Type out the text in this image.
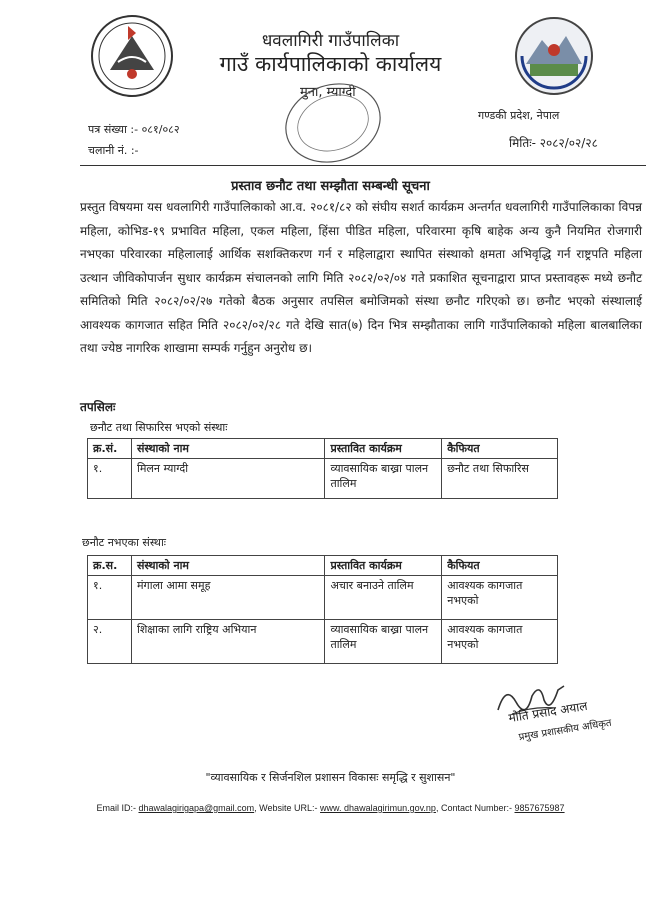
धवलागिरी गाउँपालिका
गाउँ कार्यपालिकाको कार्यालय
मुना, म्याग्दी
गण्डकी प्रदेश, नेपाल
पत्र संख्या :- ०८१/०८२
चलानी नं. :-
मितिः- २०८२/०२/२८
प्रस्ताव छनौट तथा सम्झौता सम्बन्धी सूचना
प्रस्तुत विषयमा यस धवलागिरी गाउँपालिकाको आ.व. २०८१/८२ को संघीय सशर्त कार्यक्रम अन्तर्गत धवलागिरी गाउँपालिकाका विपन्न महिला, कोभिड-१९ प्रभावित महिला, एकल महिला, हिंसा पीडित महिला, परिवारमा कृषि बाहेक अन्य कुनै नियमित रोजगारी नभएका परिवारका महिलालाई आर्थिक सशक्तिकरण गर्न र महिलाद्वारा स्थापित संस्थाको क्षमता अभिवृद्धि गर्न राष्ट्रपति महिला उत्थान जीविकोपार्जन सुधार कार्यक्रम संचालनको लागि मिति २०८२/०२/०४ गते प्रकाशित सूचनाद्वारा प्राप्त प्रस्तावहरू मध्ये छनौट समितिको मिति २०८२/०२/२७ गतेको बैठक अनुसार तपसिल बमोजिमको संस्था छनौट गरिएको छ। छनौट भएको संस्थालाई आवश्यक कागजात सहित मिति २०८२/०२/२८ गते देखि सात(७) दिन भित्र सम्झौताका लागि गाउँपालिकाको महिला बालबालिका तथा ज्येष्ठ नागरिक शाखामा सम्पर्क गर्नुहुन अनुरोध छ।
तपसिलः
छनौट तथा सिफारिस भएको संस्थाः
क्र.सं.	संस्थाको नाम	प्रस्तावित कार्यक्रम	कैफियत
१.	मिलन म्याग्दी	व्यावसायिक बाख्रा पालन तालिम	छनौट तथा सिफारिस
छनौट नभएका संस्थाः
क्र.स.	संस्थाको नाम	प्रस्तावित कार्यक्रम	कैफियत
१.	मंगाला आमा समूह	अचार बनाउने तालिम	आवश्यक कागजात नभएको
२.	शिक्षाका लागि राष्ट्रिय अभियान	व्यावसायिक बाख्रा पालन तालिम	आवश्यक कागजात नभएको
मोति प्रसाद अयाल
प्रमुख प्रशासकीय अधिकृत
"व्यावसायिक र सिर्जनशिल प्रशासन विकासः समृद्धि र सुशासन"
Email ID:- dhawalagirigapa@gmail.com, Website URL:- www. dhawalagirimun.gov.np, Contact Number:- 9857675987
